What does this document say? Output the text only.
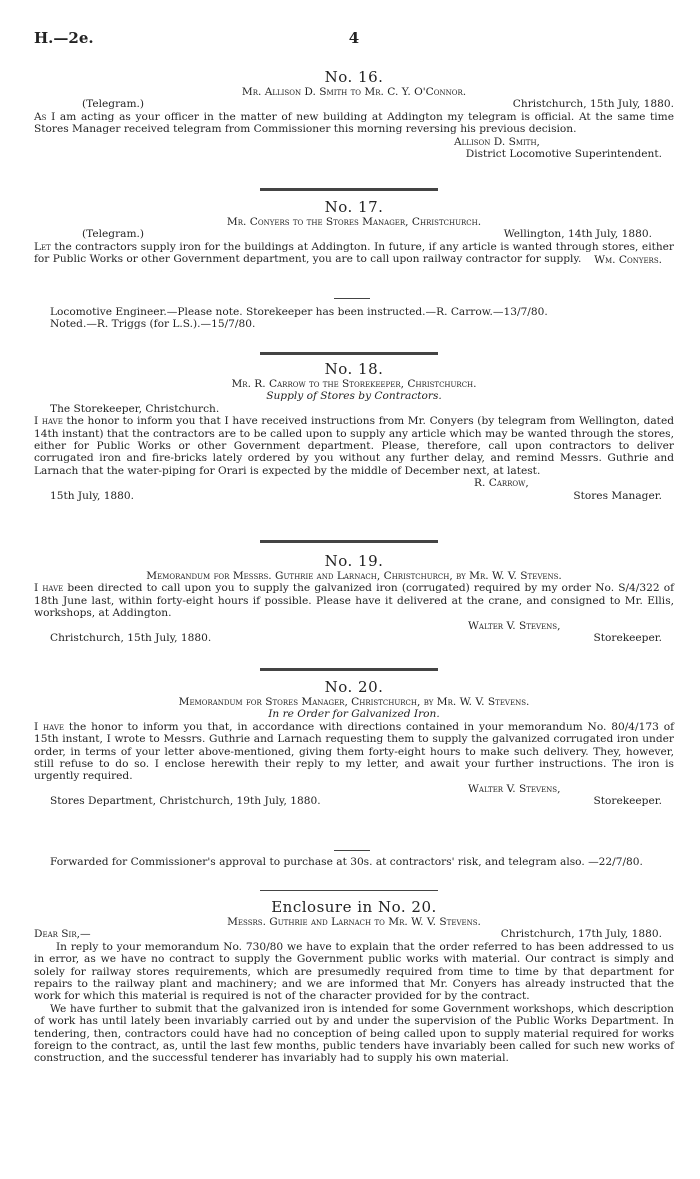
H.—2e.	4
No. 16.
Mr. Allison D. Smith to Mr. C. Y. O'Connor.
(Telegram.)	Christchurch, 15th July, 1880.

As I am acting as your officer in the matter of new building at Addington my telegram is official. At the same time Stores Manager received telegram from Commissioner this morning reversing his previous decision.

Allison D. Smith,
District Locomotive Superintendent.
No. 17.
Mr. Conyers to the Stores Manager, Christchurch.
(Telegram.)	Wellington, 14th July, 1880.

Let the contractors supply iron for the buildings at Addington. In future, if any article is wanted through stores, either for Public Works or other Government department, you are to call upon railway contractor for supply.	Wm. Conyers.
Locomotive Engineer.—Please note. Storekeeper has been instructed.—R. Carrow.—13/7/80.
Noted.—R. Triggs (for L.S.).—15/7/80.
No. 18.
Mr. R. Carrow to the Storekeeper, Christchurch.
Supply of Stores by Contractors.
The Storekeeper, Christchurch.

I have the honor to inform you that I have received instructions from Mr. Conyers (by telegram from Wellington, dated 14th instant) that the contractors are to be called upon to supply any article which may be wanted through the stores, either for Public Works or other Government department. Please, therefore, call upon contractors to deliver corrugated iron and fire-bricks lately ordered by you without any further delay, and remind Messrs. Guthrie and Larnach that the water-piping for Orari is expected by the middle of December next, at latest.

R. Carrow,
15th July, 1880.	Stores Manager.
No. 19.
Memorandum for Messrs. Guthrie and Larnach, Christchurch, by Mr. W. V. Stevens.

I have been directed to call upon you to supply the galvanized iron (corrugated) required by my order No. S/4/322 of 18th June last, within forty-eight hours if possible. Please have it delivered at the crane, and consigned to Mr. Ellis, workshops, at Addington.

Walter V. Stevens,
Christchurch, 15th July, 1880.	Storekeeper.
No. 20.
Memorandum for Stores Manager, Christchurch, by Mr. W. V. Stevens.
In re Order for Galvanized Iron.

I have the honor to inform you that, in accordance with directions contained in your memorandum No. 80/4/173 of 15th instant, I wrote to Messrs. Guthrie and Larnach requesting them to supply the galvanized corrugated iron under order, in terms of your letter above-mentioned, giving them forty-eight hours to make such delivery. They, however, still refuse to do so. I enclose herewith their reply to my letter, and await your further instructions. The iron is urgently required.

Walter V. Stevens,
Stores Department, Christchurch, 19th July, 1880.	Storekeeper.

Forwarded for Commissioner's approval to purchase at 30s. at contractors' risk, and telegram also. —22/7/80.

Enclosure in No. 20.
Messrs. Guthrie and Larnach to Mr. W. V. Stevens.
Dear Sir,—	Christchurch, 17th July, 1880.

In reply to your memorandum No. 730/80 we have to explain that the order referred to has been addressed to us in error, as we have no contract to supply the Government public works with material. Our contract is simply and solely for railway stores requirements, which are presumedly required from time to time by that department for repairs to the railway plant and machinery; and we are informed that Mr. Conyers has already instructed that the work for which this material is required is not of the character provided for by the contract.

We have further to submit that the galvanized iron is intended for some Government workshops, which description of work has until lately been invariably carried out by and under the supervision of the Public Works Department. In tendering, then, contractors could have had no conception of being called upon to supply material required for works foreign to the contract, as, until the last few months, public tenders have invariably been called for such new works of construction, and the successful tenderer has invariably had to supply his own material.
